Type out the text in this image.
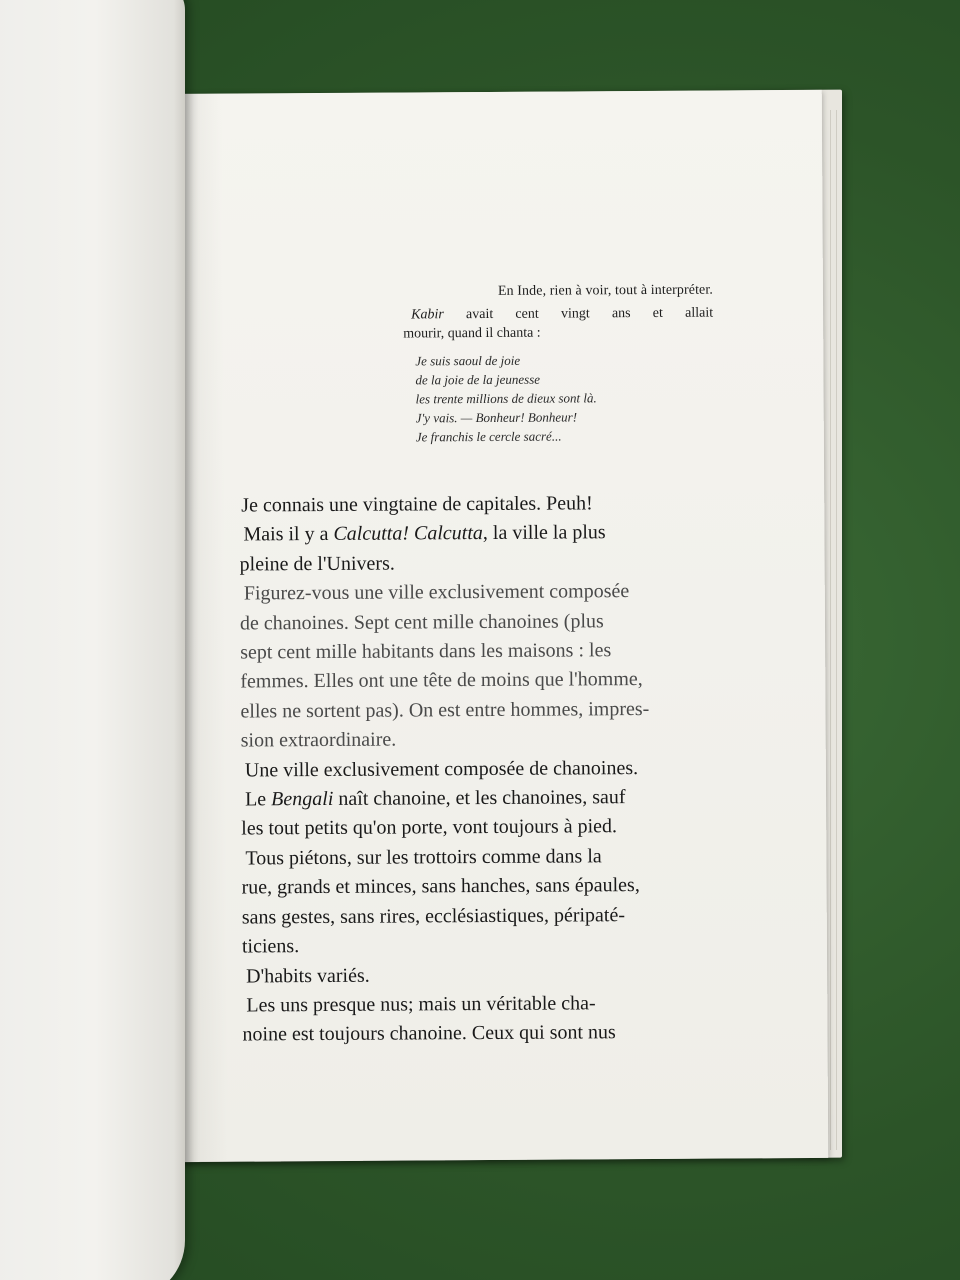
En Inde, rien à voir, tout à interpréter.
Kabir avait cent vingt ans et allait
mourir, quand il chanta :
Je suis saoul de joie
de la joie de la jeunesse
les trente millions de dieux sont là.
J'y vais. — Bonheur! Bonheur!
Je franchis le cercle sacré...
Je connais une vingtaine de capitales. Peuh!
Mais il y a Calcutta! Calcutta, la ville la plus
pleine de l'Univers.
Figurez-vous une ville exclusivement composée
de chanoines. Sept cent mille chanoines (plus
sept cent mille habitants dans les maisons : les
femmes. Elles ont une tête de moins que l'homme,
elles ne sortent pas). On est entre hommes, impres-
sion extraordinaire.
Une ville exclusivement composée de chanoines.
Le Bengali naît chanoine, et les chanoines, sauf
les tout petits qu'on porte, vont toujours à pied.
Tous piétons, sur les trottoirs comme dans la
rue, grands et minces, sans hanches, sans épaules,
sans gestes, sans rires, ecclésiastiques, péripaté-
ticiens.
D'habits variés.
Les uns presque nus; mais un véritable cha-
noine est toujours chanoine. Ceux qui sont nus
